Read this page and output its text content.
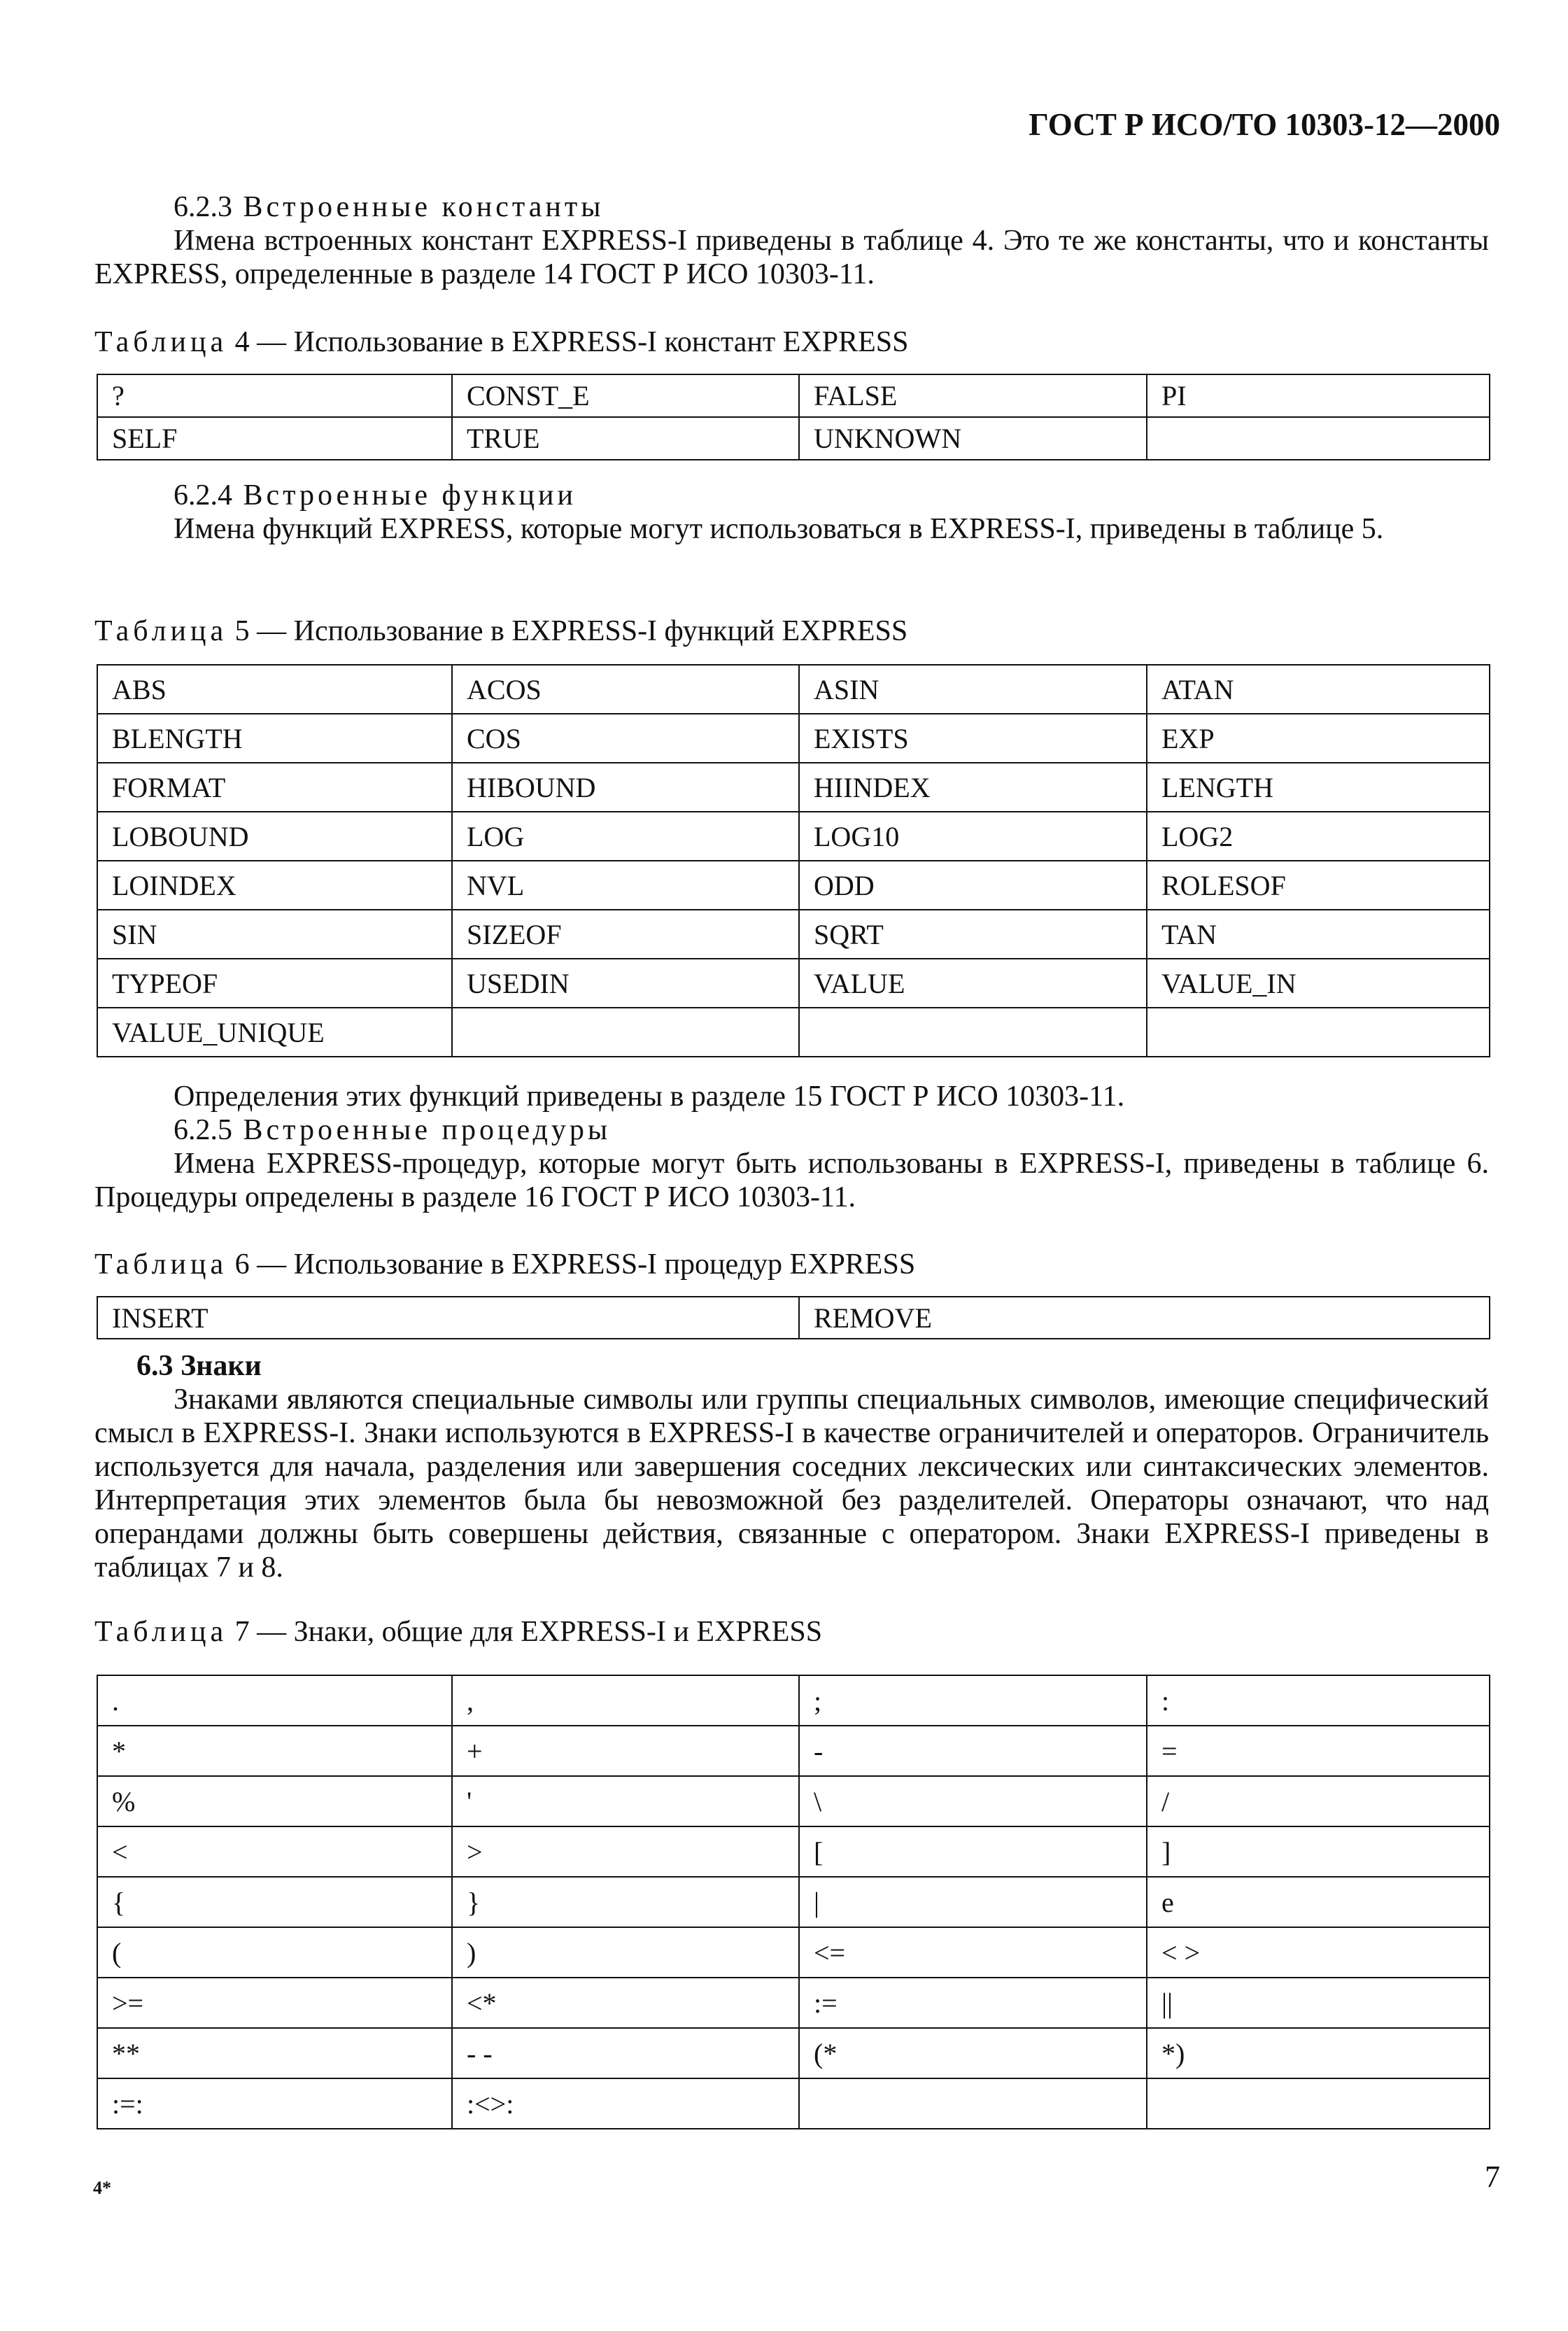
ГОСТ Р ИСО/ТО 10303-12—2000
6.2.3 Встроенные константы
Имена встроенных констант EXPRESS-I приведены в таблице 4. Это те же константы, что и константы EXPRESS, определенные в разделе 14 ГОСТ Р ИСО 10303-11.
Таблица 4 — Использование в EXPRESS-I констант EXPRESS
?	CONST_E	FALSE	PI
SELF	TRUE	UNKNOWN	
6.2.4 Встроенные функции
Имена функций EXPRESS, которые могут использоваться в EXPRESS-I, приведены в таблице 5.
Таблица 5 — Использование в EXPRESS-I функций EXPRESS
ABS	ACOS	ASIN	ATAN
BLENGTH	COS	EXISTS	EXP
FORMAT	HIBOUND	HIINDEX	LENGTH
LOBOUND	LOG	LOG10	LOG2
LOINDEX	NVL	ODD	ROLESOF
SIN	SIZEOF	SQRT	TAN
TYPEOF	USEDIN	VALUE	VALUE_IN
VALUE_UNIQUE			
Определения этих функций приведены в разделе 15 ГОСТ Р ИСО 10303-11.
6.2.5 Встроенные процедуры
Имена EXPRESS-процедур, которые могут быть использованы в EXPRESS-I, приведены в таблице 6. Процедуры определены в разделе 16 ГОСТ Р ИСО 10303-11.
Таблица 6 — Использование в EXPRESS-I процедур EXPRESS
INSERT	REMOVE
6.3 Знаки
Знаками являются специальные символы или группы специальных символов, имеющие специфический смысл в EXPRESS-I. Знаки используются в EXPRESS-I в качестве ограничителей и операторов. Ограничитель используется для начала, разделения или завершения соседних лексических или синтаксических элементов. Интерпретация этих элементов была бы невозможной без разделителей. Операторы означают, что над операндами должны быть совершены действия, связанные с оператором. Знаки EXPRESS-I приведены в таблицах 7 и 8.
Таблица 7 — Знаки, общие для EXPRESS-I и EXPRESS
.	,	;	:
*	+	-	=
%	'	\	/
<	>	[	]
{	}	|	e
(	)	<=	< >
>=	<*	:=	||
**	- -	(*	*)
:=:	:<>:		
7
4*
